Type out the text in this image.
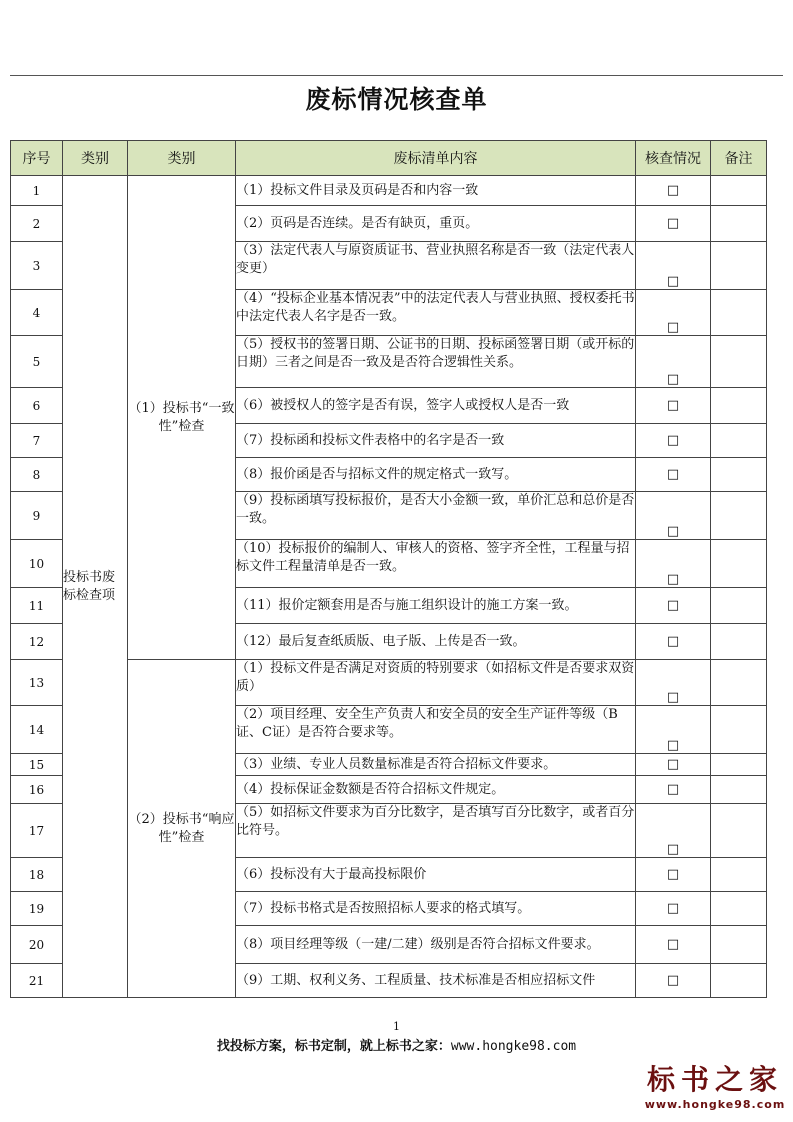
废标情况核查单
序号	类别	类别	废标清单内容	核查情况	备注
1	投标书废 标检查项	（1）投标书“一致性”检查	（1）投标文件目录及页码是否和内容一致	□	
2			（2）页码是否连续。是否有缺页，重页。	□	
3			（3）法定代表人与原资质证书、营业执照名称是否一致（法定代表人变更）	□	
4			（4）“投标企业基本情况表”中的法定代表人与营业执照、授权委托书中法定代表人名字是否一致。	□	
5			（5）授权书的签署日期、公证书的日期、投标函签署日期（或开标的日期）三者之间是否一致及是否符合逻辑性关系。	□	
6			（6）被授权人的签字是否有误，签字人或授权人是否一致	□	
7			（7）投标函和投标文件表格中的名字是否一致	□	
8			（8）报价函是否与招标文件的规定格式一致写。	□	
9			（9）投标函填写投标报价，是否大小金额一致，单价汇总和总价是否一致。	□	
10			（10）投标报价的编制人、审核人的资格、签字齐全性，工程量与招标文件工程量清单是否一致。	□	
11			（11）报价定额套用是否与施工组织设计的施工方案一致。	□	
12			（12）最后复查纸质版、电子版、上传是否一致。	□	
13		（2）投标书“响应性”检查	（1）投标文件是否满足对资质的特别要求（如招标文件是否要求双资质）	□	
14			（2）项目经理、安全生产负责人和安全员的安全生产证件等级（B证、C证）是否符合要求等。	□	
15			（3）业绩、专业人员数量标准是否符合招标文件要求。	□	
16			（4）投标保证金数额是否符合招标文件规定。	□	
17			（5）如招标文件要求为百分比数字，是否填写百分比数字，或者百分比符号。	□	
18			（6）投标没有大于最高投标限价	□	
19			（7）投标书格式是否按照招标人要求的格式填写。	□	
20			（8）项目经理等级（一建/二建）级别是否符合招标文件要求。	□	
21			（9）工期、权利义务、工程质量、技术标准是否相应招标文件	□	
1
找投标方案，标书定制，就上标书之家：www.hongke98.com
标书之家
www.hongke98.com
